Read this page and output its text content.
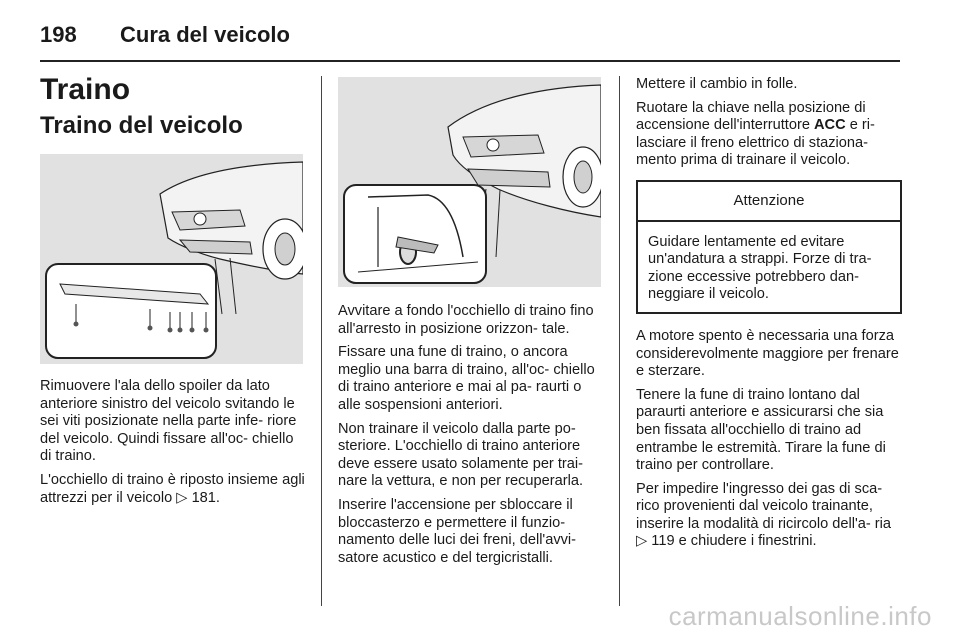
198 Cura del veicolo
Traino
Traino del veicolo

Rimuovere l'ala dello spoiler da lato anteriore sinistro del veicolo svitando le sei viti posizionate nella parte infe- riore del veicolo. Quindi fissare all'oc- chiello di traino.

L'occhiello di traino è riposto insieme agli attrezzi per il veicolo ▷ 181.

Avvitare a fondo l'occhiello di traino fino all'arresto in posizione orizzon- tale.

Fissare una fune di traino, o ancora meglio una barra di traino, all'oc- chiello di traino anteriore e mai al pa- raurti o alle sospensioni anteriori.

Non trainare il veicolo dalla parte po- steriore. L'occhiello di traino anteriore deve essere usato solamente per trai- nare la vettura, e non per recuperarla.

Inserire l'accensione per sbloccare il bloccasterzo e permettere il funzio- namento delle luci dei freni, dell'avvi- satore acustico e del tergicristalli.

Mettere il cambio in folle.

Ruotare la chiave nella posizione di accensione dell'interruttore ACC e ri- lasciare il freno elettrico di staziona- mento prima di trainare il veicolo.

Attenzione
Guidare lentamente ed evitare un'andatura a strappi. Forze di tra- zione eccessive potrebbero dan- neggiare il veicolo.

A motore spento è necessaria una forza considerevolmente maggiore per frenare e sterzare.

Tenere la fune di traino lontano dal paraurti anteriore e assicurarsi che sia ben fissata all'occhiello di traino ad entrambe le estremità. Tirare la fune di traino per controllare.

Per impedire l'ingresso dei gas di sca- rico provenienti dal veicolo trainante, inserire la modalità di ricircolo dell'a- ria ▷ 119 e chiudere i finestrini.

carmanualsonline.info
